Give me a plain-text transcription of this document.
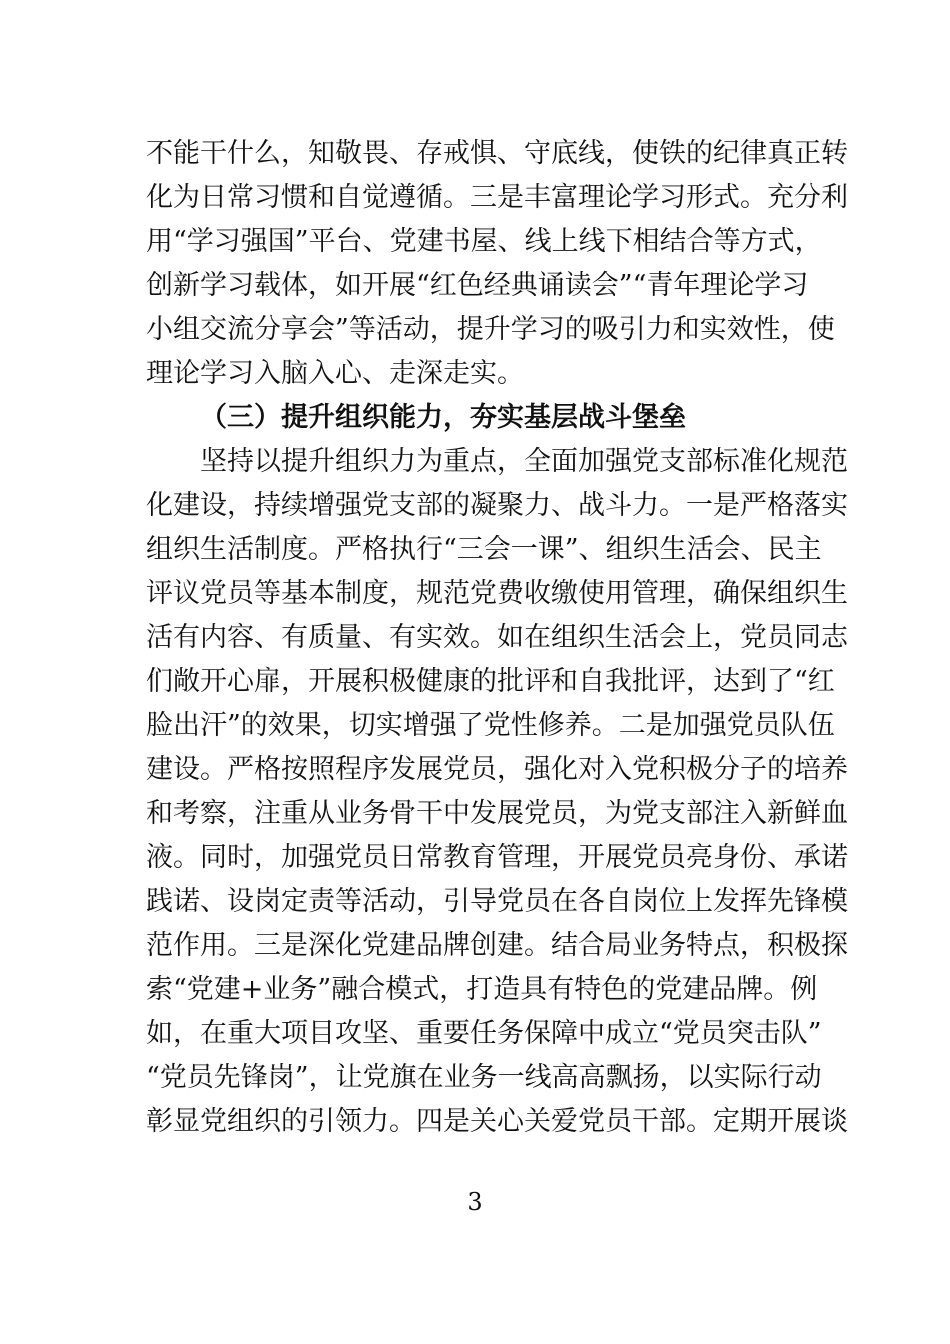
不能干什么，知敬畏、存戒惧、守底线，使铁的纪律真正转
化为日常习惯和自觉遵循。三是丰富理论学习形式。充分利
用“学习强国”平台、党建书屋、线上线下相结合等方式，
创新学习载体，如开展“红色经典诵读会”“青年理论学习
小组交流分享会”等活动，提升学习的吸引力和实效性，使
理论学习入脑入心、走深走实。
（三）提升组织能力，夯实基层战斗堡垒
坚持以提升组织力为重点，全面加强党支部标准化规范
化建设，持续增强党支部的凝聚力、战斗力。一是严格落实
组织生活制度。严格执行“三会一课”、组织生活会、民主
评议党员等基本制度，规范党费收缴使用管理，确保组织生
活有内容、有质量、有实效。如在组织生活会上，党员同志
们敞开心扉，开展积极健康的批评和自我批评，达到了“红
脸出汗”的效果，切实增强了党性修养。二是加强党员队伍
建设。严格按照程序发展党员，强化对入党积极分子的培养
和考察，注重从业务骨干中发展党员，为党支部注入新鲜血
液。同时，加强党员日常教育管理，开展党员亮身份、承诺
践诺、设岗定责等活动，引导党员在各自岗位上发挥先锋模
范作用。三是深化党建品牌创建。结合局业务特点，积极探
索“党建+业务”融合模式，打造具有特色的党建品牌。例
如，在重大项目攻坚、重要任务保障中成立“党员突击队”
“党员先锋岗”，让党旗在业务一线高高飘扬，以实际行动
彰显党组织的引领力。四是关心关爱党员干部。定期开展谈
3
